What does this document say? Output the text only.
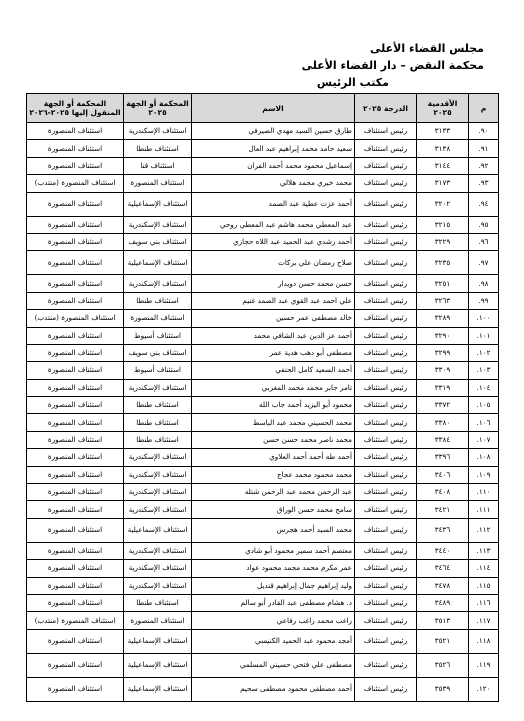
مجلس القضاء الأعلى
محكمة النقض – دار القضاء الأعلى
مكتب الرئيس
م	الأقدمية ٢٠٢٥	الدرجة ٢٠٢٥	الاسم	المحكمة أو الجهة ٢٠٢٥	المحكمة أو الجهة المنقول إليها ٢٠٢٥-٢٠٢٦
٩٠.	٣١٣٣	رئيس استئناف	طارق حسين السيد مهدي الصيرفي	استئناف الإسكندرية	استئناف المنصورة
٩١.	٣١٣٨	رئيس استئناف	سعيد حامد محمد إبراهيم عبد العال	استئناف طنطا	استئناف المنصورة
٩٢.	٣١٤٤	رئيس استئناف	إسماعيل محمود محمد أحمد الفران	استئناف قنا	استئناف المنصورة
٩٣.	٣١٧٣	رئيس استئناف	محمد خيري محمد هلالي	استئناف المنصورة	استئناف المنصورة (منتدب)
٩٤.	٣٢٠٢	رئيس استئناف	أحمد عزت عطية عبد الصمد	استئناف الإسماعيلية	استئناف المنصورة
٩٥.	٣٢١٥	رئيس استئناف	عبد المعطي محمد هاشم عبد المعطي روحي	استئناف الإسكندرية	استئناف المنصورة
٩٦.	٣٢٢٩	رئيس استئناف	أحمد رشدي عبد الحميد عبد اللاه حجازي	استئناف بني سويف	استئناف المنصورة
٩٧.	٣٢٣٥	رئيس استئناف	صلاح رمضان علي بركات	استئناف الإسماعيلية	استئناف المنصورة
٩٨.	٣٢٥١	رئيس استئناف	حسن محمد حسن دويدار	استئناف الإسكندرية	استئناف المنصورة
٩٩.	٣٢٦٣	رئيس استئناف	علي احمد عبد القوي عبد الصمد غنيم	استئناف طنطا	استئناف المنصورة
١٠٠.	٣٢٨٩	رئيس استئناف	خالد مصطفى عمر حسين	استئناف المنصورة	استئناف المنصورة (منتدب)
١٠١.	٣٢٩٠	رئيس استئناف	أحمد عز الدين عبد الشافي محمد	استئناف أسيوط	استئناف المنصورة
١٠٢.	٣٢٩٩	رئيس استئناف	مصطفى أبو دهب هدية عمر	استئناف بني سويف	استئناف المنصورة
١٠٣.	٣٣٠٩	رئيس استئناف	أحمد السعيد كامل الحنفي	استئناف أسيوط	استئناف المنصورة
١٠٤.	٣٣١٩	رئيس استئناف	تامر جابر محمد محمد المغربي	استئناف الإسكندرية	استئناف المنصورة
١٠٥.	٣٣٧٢	رئيس استئناف	محمود أبو اليزيد أحمد جاب الله	استئناف طنطا	استئناف المنصورة
١٠٦.	٣٣٨٠	رئيس استئناف	محمد الحسيني محمد عبد الباسط	استئناف طنطا	استئناف المنصورة
١٠٧.	٣٣٨٤	رئيس استئناف	محمد ناصر محمد حسن حسن	استئناف طنطا	استئناف المنصورة
١٠٨.	٣٣٩٦	رئيس استئناف	أحمد طه أحمد أحمد العلاوي	استئناف الإسكندرية	استئناف المنصورة
١٠٩.	٣٤٠٦	رئيس استئناف	محمد محمود محمد عجاج	استئناف الإسكندرية	استئناف المنصورة
١١٠.	٣٤٠٨	رئيس استئناف	عبد الرحمن محمد عبد الرحمن شتله	استئناف الإسكندرية	استئناف المنصورة
١١١.	٣٤٢١	رئيس استئناف	سامح محمد حسن الوراق	استئناف الإسكندرية	استئناف المنصورة
١١٢.	٣٤٣٦	رئيس استئناف	محمد السيد أحمد هجرس	استئناف الإسماعيلية	استئناف المنصورة
١١٣.	٣٤٤٠	رئيس استئناف	معتصم أحمد سمير محمود أبو شادي	استئناف الإسكندرية	استئناف المنصورة
١١٤.	٣٤٦٤	رئيس استئناف	عمر مكرم محمد محمد محمود عواد	استئناف الإسكندرية	استئناف المنصورة
١١٥.	٣٤٧٨	رئيس استئناف	وليد إبراهيم جمال إبراهيم قنديل	استئناف الإسكندرية	استئناف المنصورة
١١٦.	٣٤٨٩	رئيس استئناف	د. هشام مصطفى عبد القادر أبو سالم	استئناف طنطا	استئناف المنصورة
١١٧.	٣٥١٣	رئيس استئناف	راغب محمد راغب رفاعي	استئناف المنصورة	استئناف المنصورة (منتدب)
١١٨.	٣٥٢١	رئيس استئناف	أمجد محمود عبد الحميد الكنيسي	استئناف الإسماعيلية	استئناف المنصورة
١١٩.	٣٥٢٦	رئيس استئناف	مصطفى علي فتحي حسيني المسلمي	استئناف الإسماعيلية	استئناف المنصورة
١٢٠.	٣٥٣٩	رئيس استئناف	أحمد مصطفى محمود مصطفى سحيم	استئناف الإسماعيلية	استئناف المنصورة
